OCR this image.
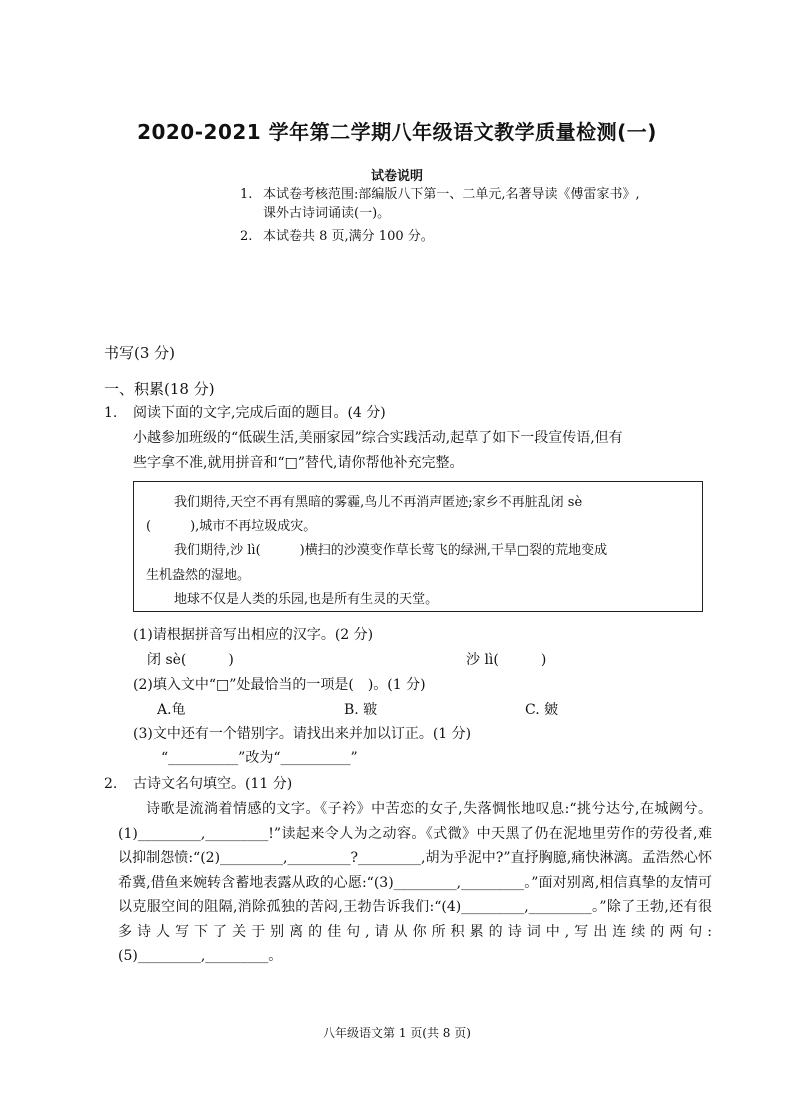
2020-2021 学年第二学期八年级语文教学质量检测(一)
试卷说明
1. 本试卷考核范围:部编版八下第一、二单元,名著导读《傅雷家书》,
课外古诗词诵读(一)。
2. 本试卷共 8 页,满分 100 分。
书写(3 分)
一、积累(18 分)
1. 阅读下面的文字,完成后面的题目。(4 分)
小越参加班级的“低碳生活,美丽家园”综合实践活动,起草了如下一段宣传语,但有
些字拿不准,就用拼音和“□”替代,请你帮他补充完整。
我们期待,天空不再有黑暗的雾霾,鸟儿不再消声匿迹;家乡不再脏乱闭 sè
(　　　),城市不再垃圾成灾。
我们期待,沙 lì(　　　)横扫的沙漠变作草长莺飞的绿洲,干旱□裂的荒地变成
生机盎然的湿地。
地球不仅是人类的乐园,也是所有生灵的天堂。
(1)请根据拼音写出相应的汉字。(2 分)
闭 sè(　　　)	沙 lì(　　　)
(2)填入文中“□”处最恰当的一项是(　)。(1 分)
A.龟	B. 皲	C. 皴
(3)文中还有一个错别字。请找出来并加以订正。(1 分)
“__________”改为“__________”
2. 古诗文名句填空。(11 分)
诗歌是流淌着情感的文字。《子衿》中苦恋的女子,失落惆怅地叹息:“挑兮达兮,在城阙兮。(1)_________,_________!”读起来令人为之动容。《式微》中天黑了仍在泥地里劳作的劳役者,难以抑制怨愤:“(2)_________,_________?_________,胡为乎泥中?”直抒胸臆,痛快淋漓。孟浩然心怀希冀,借鱼来婉转含蓄地表露从政的心愿:“(3)_________,_________。”面对别离,相信真挚的友情可以克服空间的阻隔,消除孤独的苦闷,王勃告诉我们:“(4)_________,_________。”除了王勃,还有很多诗人写下了关于别离的佳句,请从你所积累的诗词中,写出连续的两句:(5)_________,_________。
八年级语文第 1 页(共 8 页)
